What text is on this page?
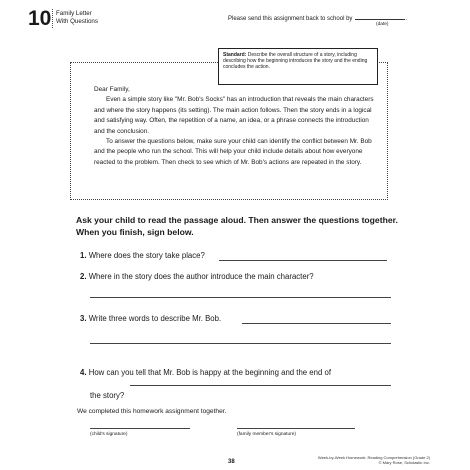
10 Family Letter
With Questions	Please send this assignment back to school by	.
(date)
Standard: Describe the overall structure of a story, including describing how the beginning introduces the story and the ending concludes the action.

Dear Family,

Even a simple story like "Mr. Bob's Socks" has an introduction that reveals the main characters and where the story happens (its setting). The main action follows. Then the story ends in a logical and satisfying way. Often, the repetition of a name, an idea, or a phrase connects the introduction and the conclusion.

To answer the questions below, make sure your child can identify the conflict between Mr. Bob and the people who run the school. This will help your child include details about how everyone reacted to the problem. Then check to see which of Mr. Bob's actions are repeated in the story.

Ask your child to read the passage aloud. Then answer the questions together. When you finish, sign below.
1. Where does the story take place?
2. Where in the story does the author introduce the main character?
3. Write three words to describe Mr. Bob.
4. How can you tell that Mr. Bob is happy at the beginning and the end of
the story?
We completed this homework assignment together.
(child's signature)	(family member's signature)
38
Week-by-Week Homework: Reading Comprehension (Grade 2)
© Mary Rose, Scholastic Inc.
